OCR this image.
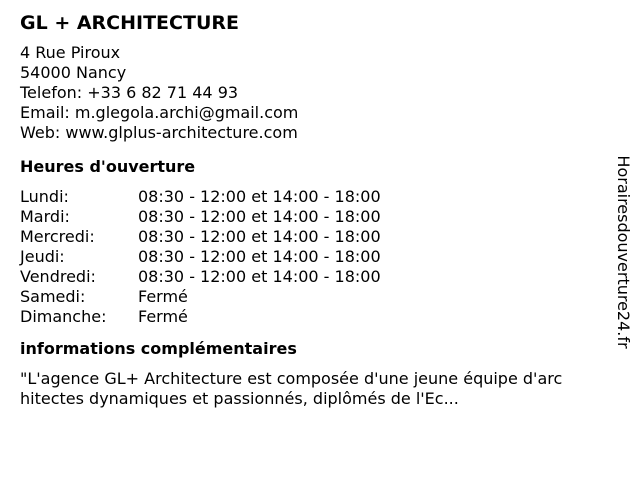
GL + ARCHITECTURE
4 Rue Piroux
54000 Nancy
Telefon: +33 6 82 71 44 93
Email: m.glegola.archi@gmail.com
Web: www.glplus-architecture.com
Heures d'ouverture
Lundi:	08:30 - 12:00 et 14:00 - 18:00
Mardi:	08:30 - 12:00 et 14:00 - 18:00
Mercredi:	08:30 - 12:00 et 14:00 - 18:00
Jeudi:	08:30 - 12:00 et 14:00 - 18:00
Vendredi:	08:30 - 12:00 et 14:00 - 18:00
Samedi:	Fermé
Dimanche:	Fermé
informations complémentaires
"L'agence GL+ Architecture est composée d'une jeune équipe d'architectes dynamiques et passionnés, diplômés de l'Ec...
Horairesdouverture24.fr
